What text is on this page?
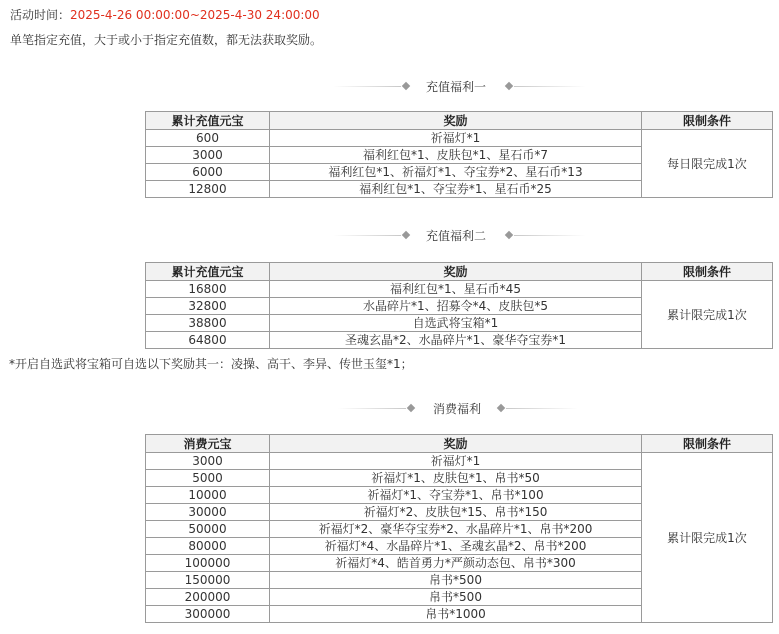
活动时间：2025-4-26 00:00:00~2025-4-30 24:00:00
单笔指定充值，大于或小于指定充值数，都无法获取奖励。
充值福利一
累计充值元宝	奖励	限制条件
600	祈福灯*1	每日限完成1次
3000	福利红包*1、皮肤包*1、星石币*7	
6000	福利红包*1、祈福灯*1、夺宝券*2、星石币*13	
12800	福利红包*1、夺宝券*1、星石币*25	
充值福利二
累计充值元宝	奖励	限制条件
16800	福利红包*1、星石币*45	累计限完成1次
32800	水晶碎片*1、招募令*4、皮肤包*5	
38800	自选武将宝箱*1	
64800	圣魂玄晶*2、水晶碎片*1、豪华夺宝券*1	
*开启自选武将宝箱可自选以下奖励其一：凌操、高干、李异、传世玉玺*1；
消费福利
消费元宝	奖励	限制条件
3000	祈福灯*1	累计限完成1次
5000	祈福灯*1、皮肤包*1、帛书*50	
10000	祈福灯*1、夺宝券*1、帛书*100	
30000	祈福灯*2、皮肤包*15、帛书*150	
50000	祈福灯*2、豪华夺宝券*2、水晶碎片*1、帛书*200	
80000	祈福灯*4、水晶碎片*1、圣魂玄晶*2、帛书*200	
100000	祈福灯*4、皓首勇力*严颜动态包、帛书*300	
150000	帛书*500	
200000	帛书*500	
300000	帛书*1000	
